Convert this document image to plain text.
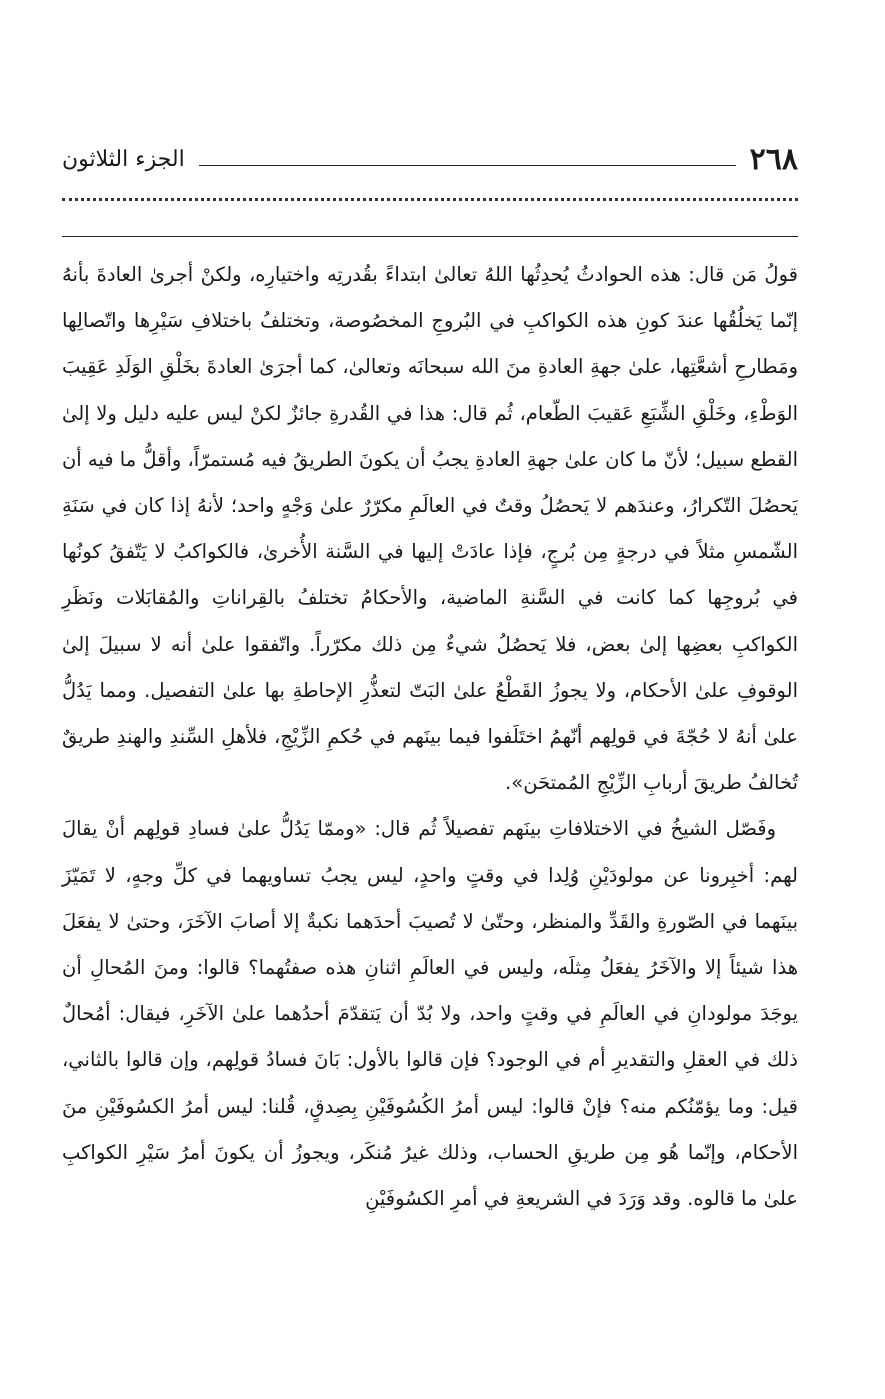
٢٦٨
الجزء الثلاثون

قولُ مَن قال: هذه الحوادثُ يُحدِثُها اللهُ تعالىٰ ابتداءً بقُدرتِه واختيارِه، ولكنْ أجرىٰ العادةَ بأنهُ إنّما يَخلُقُها عندَ كونِ هذه الكواكبِ في البُروجِ المخصُوصة، وتختلفُ باختلافِ سَيْرِها واتّصالِها ومَطارحِ أشعَّتِها، علىٰ جهةِ العادةِ منَ الله سبحانَه وتعالىٰ، كما أجرَىٰ العادةَ بخَلْقِ الوَلَدِ عَقِيبَ الوَطْءِ، وخَلْقِ الشِّبَعِ عَقيبَ الطّعام، ثُم قال: هذا في القُدرةِ جائزٌ لكنْ ليس عليه دليل ولا إلىٰ القطع سبيل؛ لأنّ ما كان علىٰ جهةِ العادةِ يجبُ أن يكونَ الطريقُ فيه مُستمرّاً، وأقلُّ ما فيه أن يَحصُلَ التّكرارُ، وعندَهم لا يَحصُلُ وقتٌ في العالَمِ مكرّرٌ علىٰ وَجْهٍ واحد؛ لأنهُ إذا كان في سَنَةِ الشّمسِ مثلاً في درجةٍ مِن بُرجٍ، فإذا عادَتْ إليها في السَّنة الأُخرىٰ، فالكواكبُ لا يَتّفقُ كونُها في بُروجِها كما كانت في السَّنةِ الماضية، والأحكامُ تختلفُ بالقِراناتِ والمُقابَلات ونَظَرِ الكواكبِ بعضِها إلىٰ بعض، فلا يَحصُلُ شيءٌ مِن ذلك مكرّراً. واتّفقوا علىٰ أنه لا سبيلَ إلىٰ الوقوفِ علىٰ الأحكام، ولا يجوزُ القَطْعُ علىٰ البَتّ لتعذُّرِ الإحاطةِ بها علىٰ التفصيل. ومما يَدُلُّ علىٰ أنهُ لا حُجّةَ في قولِهم أنّهمُ اختَلَفوا فيما بينَهم في حُكمِ الزِّيْجِ، فلأهلِ السِّندِ والهندِ طريقٌ تُخالفُ طريقَ أربابِ الزِّيْجِ المُمتحَن».

وفَصّل الشيخُ في الاختلافاتِ بينَهم تفصيلاً ثُم قال: «وممّا يَدُلُّ علىٰ فسادِ قولِهم أنْ يقالَ لهم: أخبِرونا عن مولودَيْنِ وُلِدا في وقتٍ واحدٍ، ليس يجبُ تساويهما في كلِّ وجهٍ، لا تَمَيّزَ بينَهما في الصّورةِ والقَدِّ والمنظر، وحتّىٰ لا تُصيبَ أحدَهما نكبةٌ إلا أصابَ الآخَرَ، وحتىٰ لا يفعَلَ هذا شيئاً إلا والآخَرُ يفعَلُ مِثلَه، وليس في العالَمِ اثنانِ هذه صفتُهما؟ قالوا: ومنَ المُحالِ أن يوجَدَ مولودانِ في العالَمِ في وقتٍ واحد، ولا بُدّ أن يَتقدّمَ أحدُهما علىٰ الآخَرِ، فيقال: أمُحالٌ ذلك في العقلِ والتقديرِ أم في الوجود؟ فإن قالوا بالأول: بَانَ فسادُ قولِهم، وإن قالوا بالثاني، قيل: وما يؤمّنُكم منه؟ فإنْ قالوا: ليس أمرُ الكُسُوفَيْنِ بِصِدقٍ، قُلنا: ليس أمرُ الكسُوفَيْنِ منَ الأحكام، وإنّما هُو مِن طريقِ الحساب، وذلك غيرُ مُنكَر، ويجوزُ أن يكونَ أمرُ سَيْرِ الكواكبِ علىٰ ما قالوه. وقد وَرَدَ في الشريعةِ في أمرِ الكسُوفَيْنِ
